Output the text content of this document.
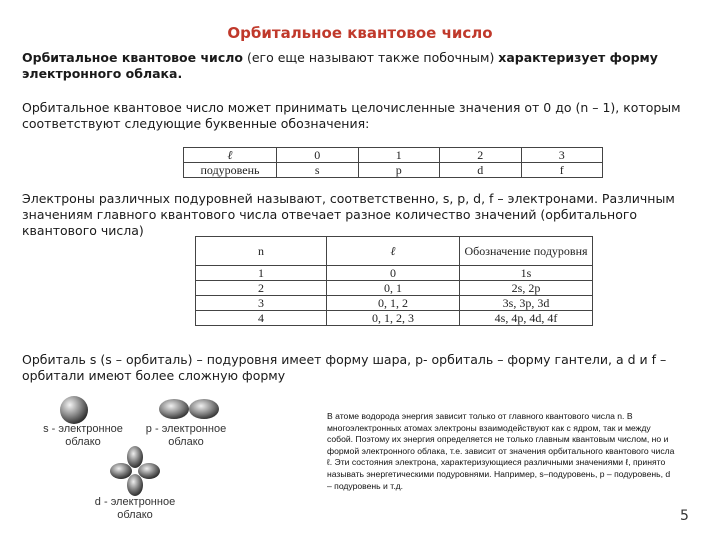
Орбитальное квантовое число
Орбитальное квантовое число (его еще называют также побочным) характеризует форму электронного облака.
Орбитальное квантовое число может принимать целочисленные значения от 0 до (n – 1), которым соответствуют следующие буквенные обозначения:
ℓ	0	1	2	3
подуровень	s	p	d	f
Электроны различных подуровней называют, соответственно, s, p, d, f – электронами. Различным значениям главного квантового числа отвечает разное количество значений (орбитального квантового числа)
n	ℓ	Обозначение подуровня
1	0	1s
2	0, 1	2s, 2p
3	0, 1, 2	3s, 3p, 3d
4	0, 1, 2, 3	4s, 4p, 4d, 4f
Орбиталь s (s – орбиталь) – подуровня имеет форму шара, р- орбиталь – форму гантели, а d и f – орбитали имеют более сложную форму
s - электронное
облако
р - электронное
облако
d - электронное
облако
В атоме водорода энергия зависит только от главного квантового числа n. В многоэлектронных атомах электроны взаимодействуют как с ядром, так и между собой. Поэтому их энергия определяется не только главным квантовым числом, но и формой электронного облака, т.е. зависит от значения орбитального квантового числа ℓ. Эти состояния электрона, характеризующиеся различными значениями ℓ, принято называть энергетическими подуровнями. Например, s–подуровень, р – подуровень, d – подуровень и т.д.
5
